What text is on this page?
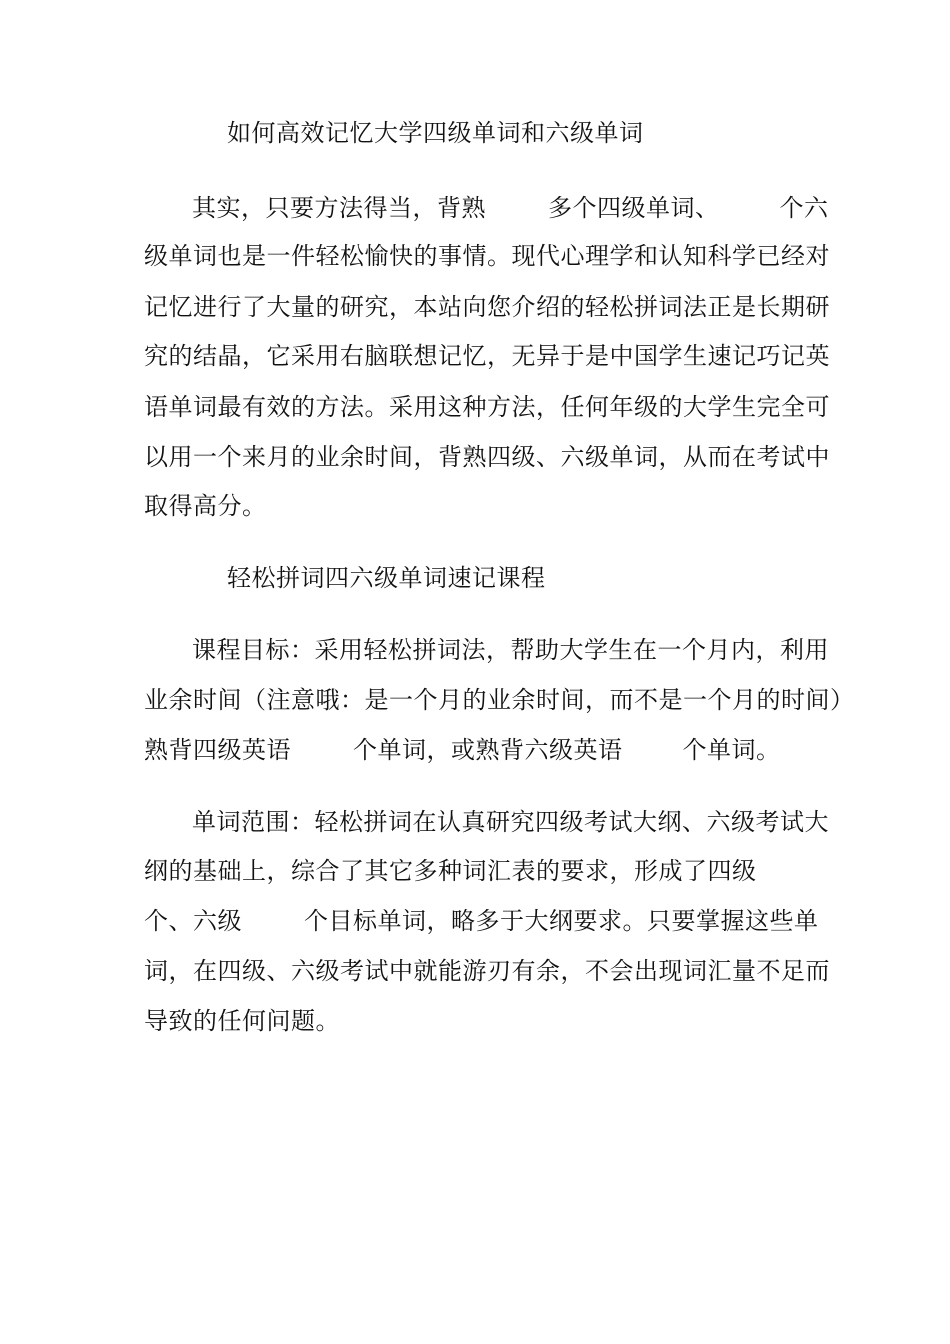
如何高效记忆大学四级单词和六级单词
其实，只要方法得当，背熟	多个四级单词、	个六
级单词也是一件轻松愉快的事情。现代心理学和认知科学已经对
记忆进行了大量的研究，本站向您介绍的轻松拼词法正是长期研
究的结晶，它采用右脑联想记忆，无异于是中国学生速记巧记英
语单词最有效的方法。采用这种方法，任何年级的大学生完全可
以用一个来月的业余时间，背熟四级、六级单词，从而在考试中
取得高分。
轻松拼词四六级单词速记课程
课程目标：采用轻松拼词法，帮助大学生在一个月内，利用
业余时间（注意哦：是一个月的业余时间，而不是一个月的时间）
熟背四级英语	个单词，或熟背六级英语	个单词。
单词范围：轻松拼词在认真研究四级考试大纲、六级考试大
纲的基础上，综合了其它多种词汇表的要求，形成了四级
个、六级	个目标单词，略多于大纲要求。只要掌握这些单
词，在四级、六级考试中就能游刃有余，不会出现词汇量不足而
导致的任何问题。
